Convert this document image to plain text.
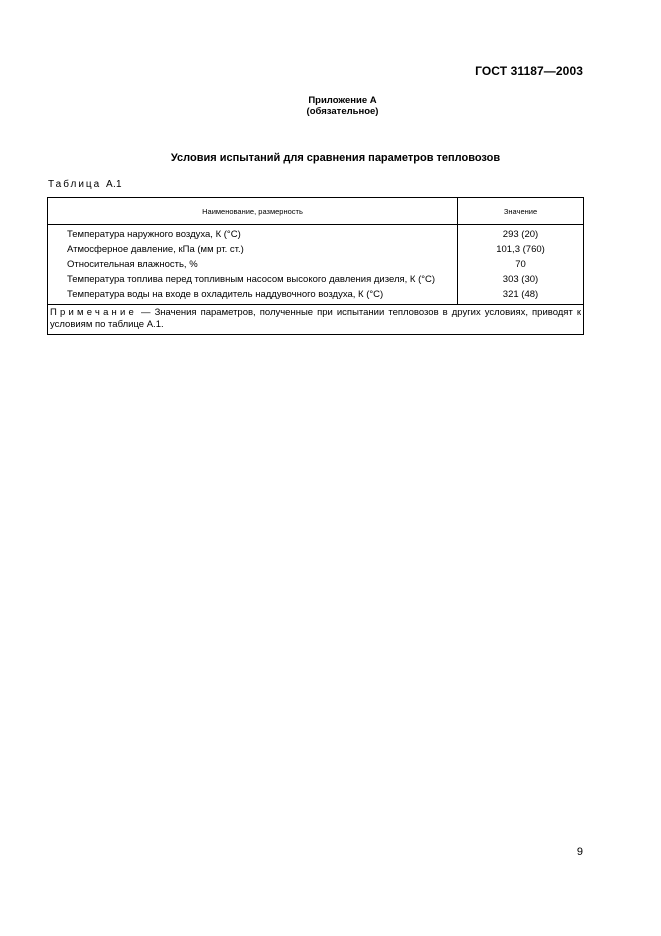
ГОСТ 31187—2003
Приложение А
(обязательное)
Условия испытаний для сравнения параметров тепловозов
Таблица А.1
Наименование, размерность	Значение
Температура наружного воздуха, К (°С)	293 (20)
Атмосферное давление, кПа (мм рт. ст.)	101,3 (760)
Относительная влажность, %	70
Температура топлива перед топливным насосом высокого давления дизеля, К (°С)	303 (30)
Температура воды на входе в охладитель наддувочного воздуха, К (°С)	321 (48)
Примечание — Значения параметров, полученные при испытании тепловозов в других условиях, приводят к условиям по таблице А.1.	
9
